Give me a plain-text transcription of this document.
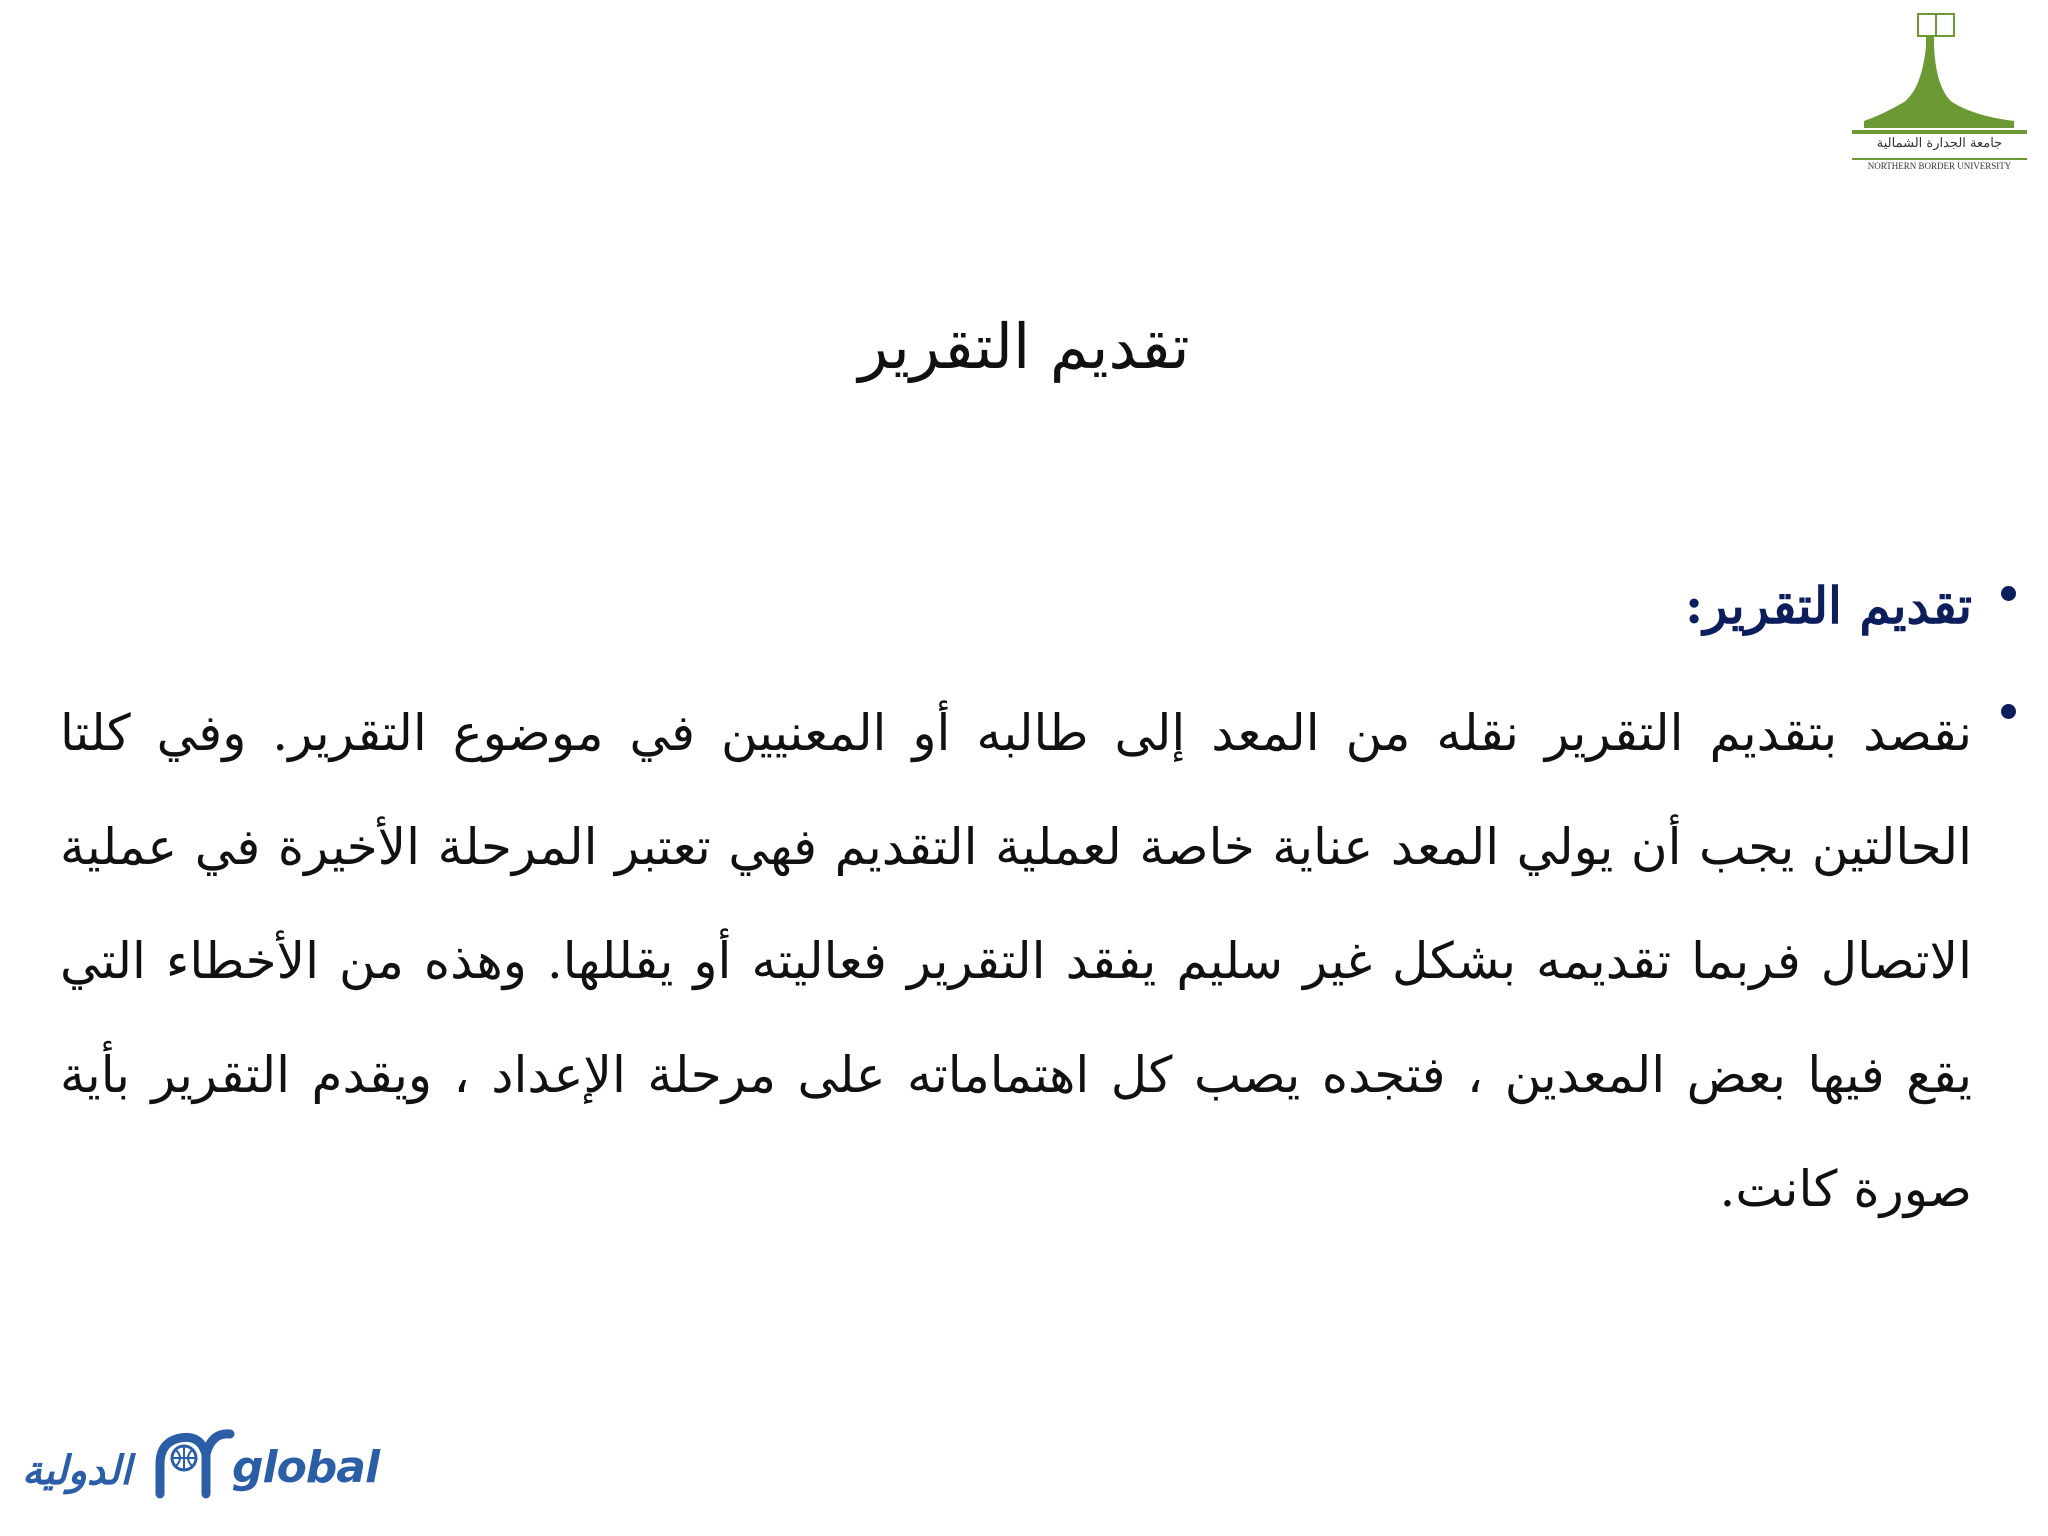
جامعة الجدارة الشمالية
NORTHERN BORDER UNIVERSITY
تقديم التقرير
تقديم التقرير:
نقصد بتقديم التقرير نقله من المعد إلى طالبه أو المعنيين في موضوع التقرير. وفي كلتا الحالتين يجب أن يولي المعد عناية خاصة لعملية التقديم فهي تعتبر المرحلة الأخيرة في عملية الاتصال فربما تقديمه بشكل غير سليم يفقد التقرير فعاليته أو يقللها. وهذه من الأخطاء التي يقع فيها بعض المعدين ، فتجده يصب كل اهتماماته على مرحلة الإعداد ، ويقدم التقرير بأية صورة كانت.
الدولية global
